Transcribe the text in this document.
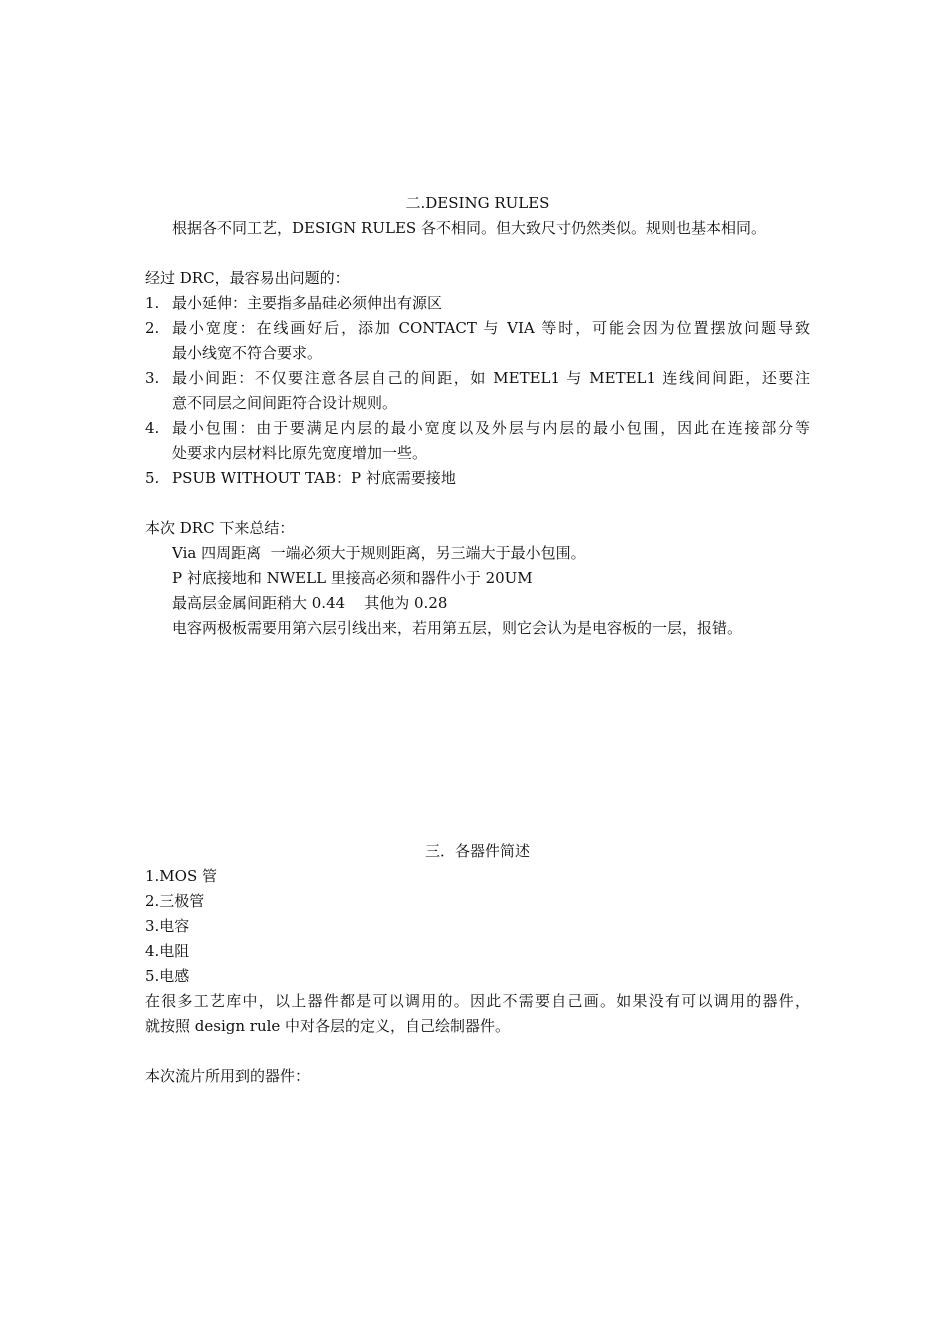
二.DESING RULES
根据各不同工艺，DESIGN RULES 各不相同。但大致尺寸仍然类似。规则也基本相同。
经过 DRC，最容易出问题的：
1. 最小延伸：主要指多晶硅必须伸出有源区
2. 最小宽度：在线画好后，添加 CONTACT 与 VIA 等时，可能会因为位置摆放问题导致
最小线宽不符合要求。
3. 最小间距：不仅要注意各层自己的间距，如 METEL1 与 METEL1 连线间间距，还要注
意不同层之间间距符合设计规则。
4. 最小包围：由于要满足内层的最小宽度以及外层与内层的最小包围，因此在连接部分等
处要求内层材料比原先宽度增加一些。
5. PSUB WITHOUT TAB：P 衬底需要接地
本次 DRC 下来总结：
Via 四周距离  一端必须大于规则距离，另三端大于最小包围。
P 衬底接地和 NWELL 里接高必须和器件小于 20UM
最高层金属间距稍大 0.44    其他为 0.28
电容两极板需要用第六层引线出来，若用第五层，则它会认为是电容板的一层，报错。
三．各器件简述
1.MOS 管
2.三极管
3.电容
4.电阻
5.电感
在很多工艺库中，以上器件都是可以调用的。因此不需要自己画。如果没有可以调用的器件，
就按照 design rule 中对各层的定义，自己绘制器件。
本次流片所用到的器件：
